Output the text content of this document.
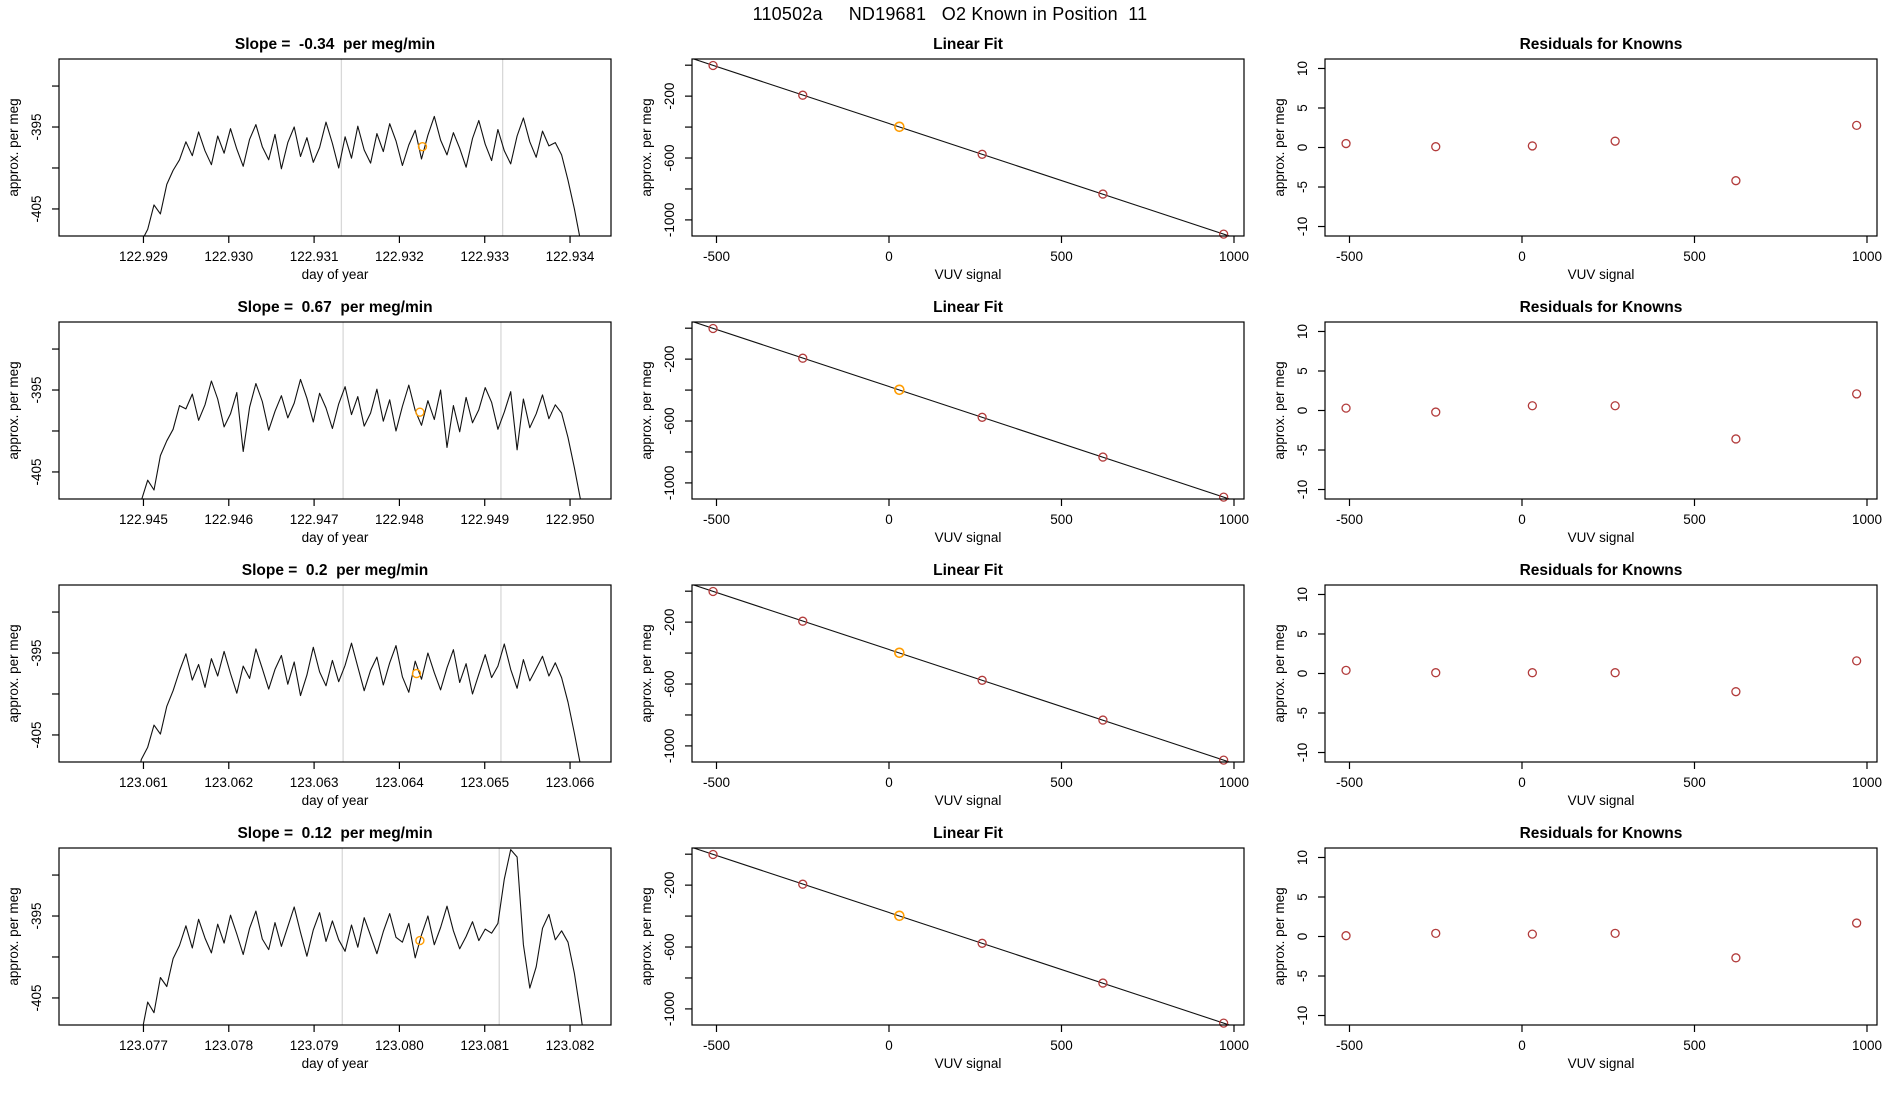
110502a     ND19681   O2 Known in Position  11
122.929	122.930	122.931	122.932	122.933	122.934
-395
-405
Slope =  -0.34  per meg/min
day of year
approx. per meg
-500	0	500	1000
-200
-600
-1000
Linear Fit
VUV signal
approx. per meg
-500	0	500	1000
-10
-5
0
5
10
Residuals for Knowns
VUV signal
approx. per meg
122.945	122.946	122.947	122.948	122.949	122.950
-395
-405
Slope =  0.67  per meg/min
day of year
approx. per meg
-500	0	500	1000
-200
-600
-1000
Linear Fit
VUV signal
approx. per meg
-500	0	500	1000
-10
-5
0
5
10
Residuals for Knowns
VUV signal
approx. per meg
123.061	123.062	123.063	123.064	123.065	123.066
-395
-405
Slope =  0.2  per meg/min
day of year
approx. per meg
-500	0	500	1000
-200
-600
-1000
Linear Fit
VUV signal
approx. per meg
-500	0	500	1000
-10
-5
0
5
10
Residuals for Knowns
VUV signal
approx. per meg
123.077	123.078	123.079	123.080	123.081	123.082
-395
-405
Slope =  0.12  per meg/min
day of year
approx. per meg
-500	0	500	1000
-200
-600
-1000
Linear Fit
VUV signal
approx. per meg
-500	0	500	1000
-10
-5
0
5
10
Residuals for Knowns
VUV signal
approx. per meg
